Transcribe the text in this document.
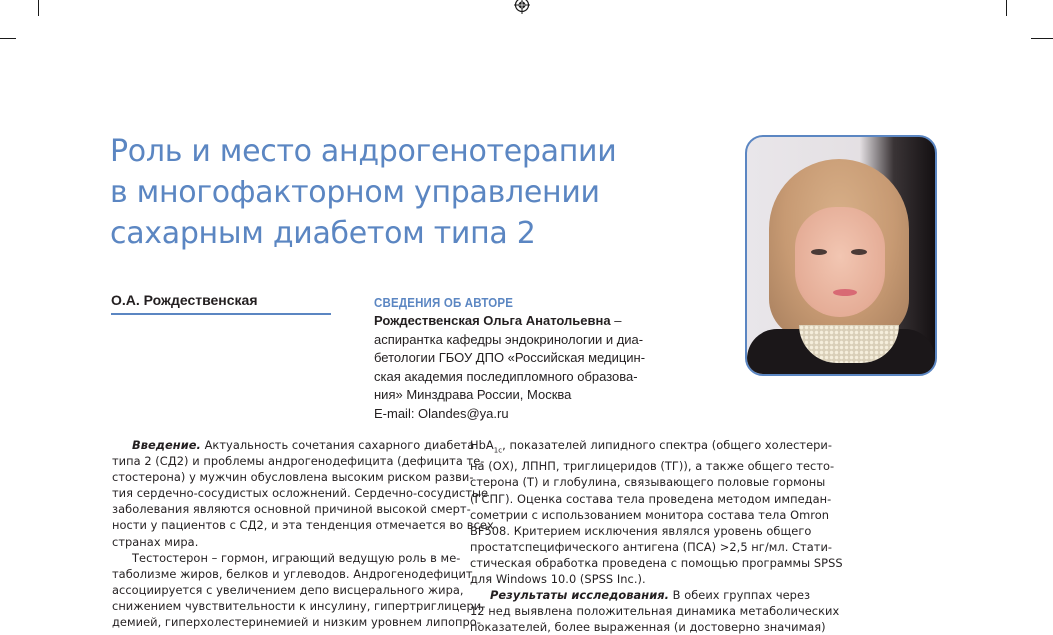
Роль и место андрогенотерапии
в многофакторном управлении
сахарным диабетом типа 2
О.А. Рождественская	СВЕДЕНИЯ ОБ АВТОРЕ
Рождественская Ольга Анатольевна –
аспирантка кафедры эндокринологии и диа-
бетологии ГБОУ ДПО «Российская медицин-
ская академия последипломного образова-
ния» Минздрава России, Москва
E-mail: Olandes@ya.ru

Введение. Актуальность сочетания сахарного диабета
типа 2 (СД2) и проблемы андрогенодефицита (дефицита те-
стостерона) у мужчин обусловлена высоким риском разви-
тия сердечно-сосудистых осложнений. Сердечно-сосудистые
заболевания являются основной причиной высокой смерт-
ности у пациентов с СД2, и эта тенденция отмечается во всех
странах мира.

Тестостерон – гормон, играющий ведущую роль в ме-
таболизме жиров, белков и углеводов. Андрогенодефицит
ассоциируется с увеличением депо висцерального жира,
снижением чувствительности к инсулину, гипертриглицери-
демией, гиперхолестеринемией и низким уровнем липопро-

HbA$_{1c}$, показателей липидного спектра (общего холестери-
на (ОХ), ЛПНП, триглицеридов (ТГ)), а также общего тесто-
стерона (Т) и глобулина, связывающего половые гормоны
(ГСПГ). Оценка состава тела проведена методом импедан-
сометрии с использованием монитора состава тела Omron
BF508. Критерием исключения являлся уровень общего
простатспецифического антигена (ПСА) >2,5 нг/мл. Стати-
стическая обработка проведена с помощью программы SPSS
для Windows 10.0 (SPSS Inc.).

Результаты исследования. В обеих группах через
12 нед выявлена положительная динамика метаболических
показателей, более выраженная (и достоверно значимая)
